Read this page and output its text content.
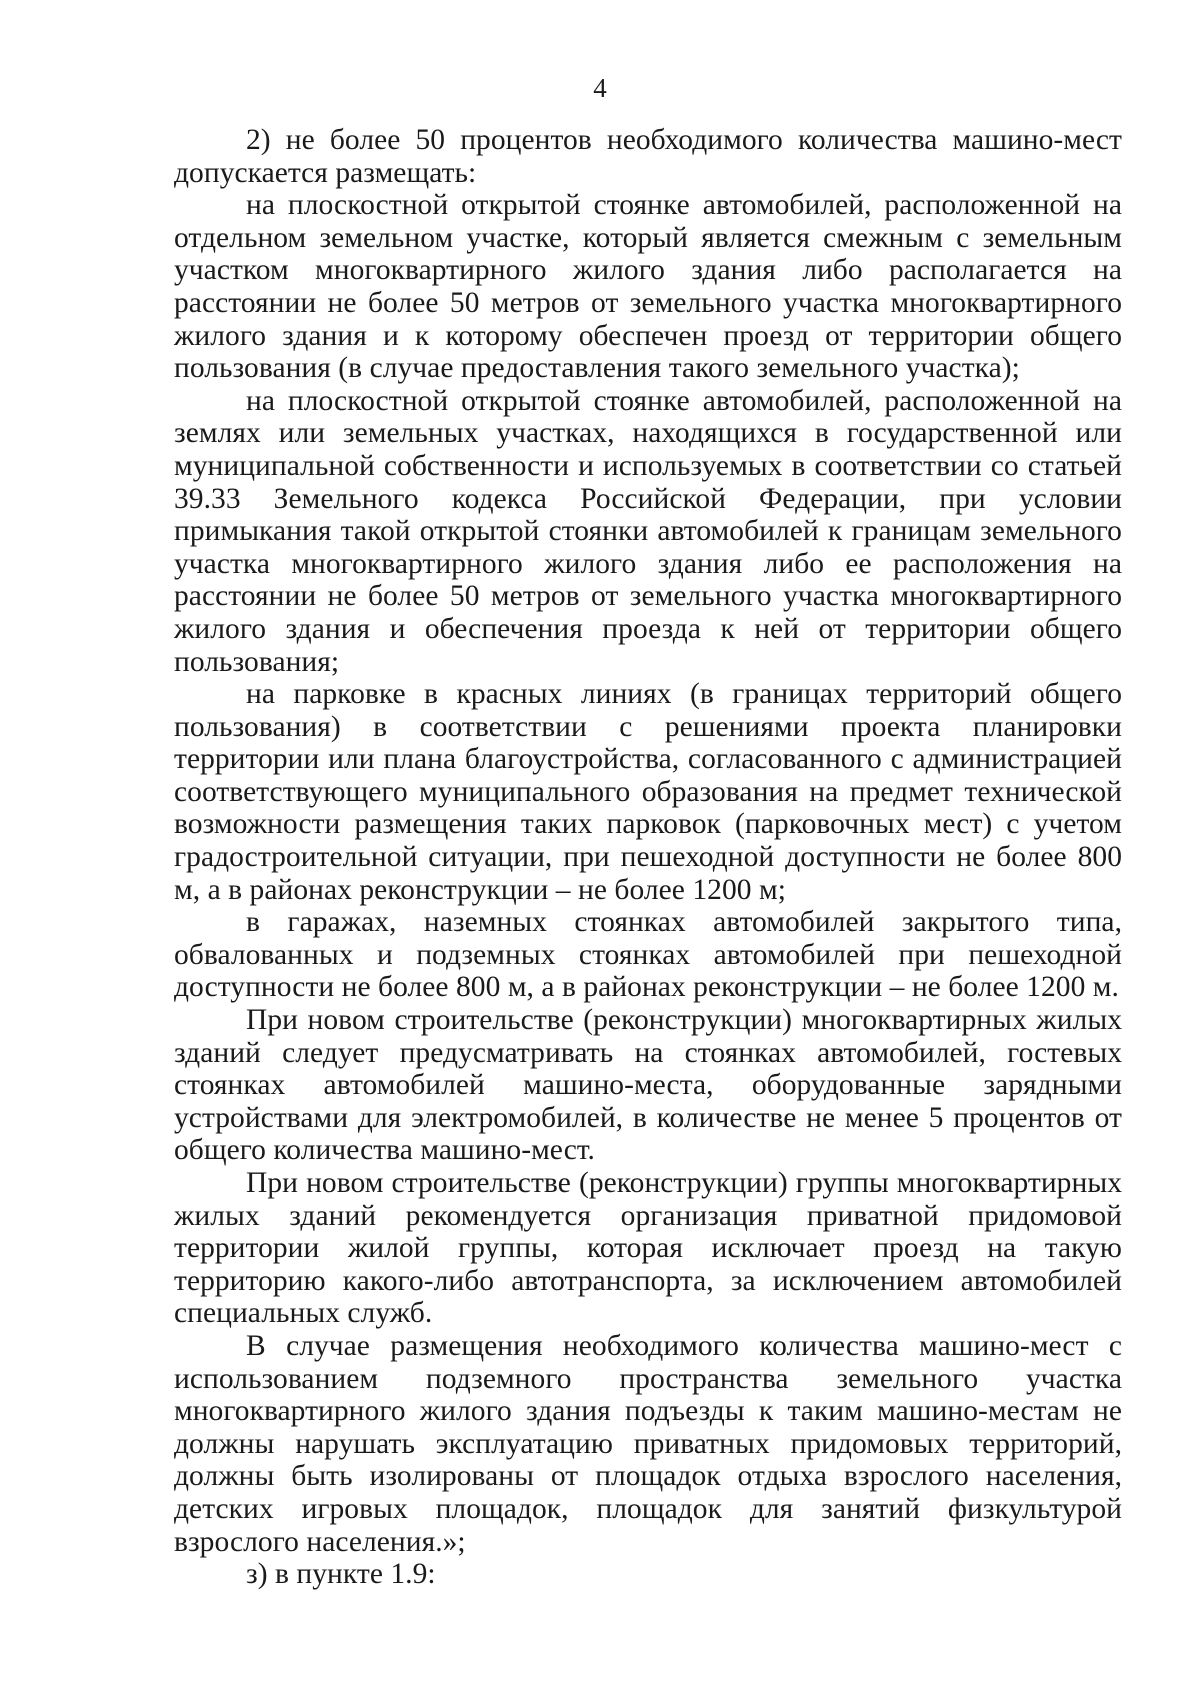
4

2) не более 50 процентов необходимого количества машино-мест допускается размещать:

на плоскостной открытой стоянке автомобилей, расположенной на отдельном земельном участке, который является смежным с земельным участком многоквартирного жилого здания либо располагается на расстоянии не более 50 метров от земельного участка многоквартирного жилого здания и к которому обеспечен проезд от территории общего пользования (в случае предоставления такого земельного участка);

на плоскостной открытой стоянке автомобилей, расположенной на землях или земельных участках, находящихся в государственной или муниципальной собственности и используемых в соответствии со статьей 39.33 Земельного кодекса Российской Федерации, при условии примыкания такой открытой стоянки автомобилей к границам земельного участка многоквартирного жилого здания либо ее расположения на расстоянии не более 50 метров от земельного участка многоквартирного жилого здания и обеспечения проезда к ней от территории общего пользования;

на парковке в красных линиях (в границах территорий общего пользования) в соответствии с решениями проекта планировки территории или плана благоустройства, согласованного с администрацией соответствующего муниципального образования на предмет технической возможности размещения таких парковок (парковочных мест) с учетом градостроительной ситуации, при пешеходной доступности не более 800 м, а в районах реконструкции – не более 1200 м;

в гаражах, наземных стоянках автомобилей закрытого типа, обвалованных и подземных стоянках автомобилей при пешеходной доступности не более 800 м, а в районах реконструкции – не более 1200 м.

При новом строительстве (реконструкции) многоквартирных жилых зданий следует предусматривать на стоянках автомобилей, гостевых стоянках автомобилей машино-места, оборудованные зарядными устройствами для электромобилей, в количестве не менее 5 процентов от общего количества машино-мест.

При новом строительстве (реконструкции) группы многоквартирных жилых зданий рекомендуется организация приватной придомовой территории жилой группы, которая исключает проезд на такую территорию какого-либо автотранспорта, за исключением автомобилей специальных служб.

В случае размещения необходимого количества машино-мест с использованием подземного пространства земельного участка многоквартирного жилого здания подъезды к таким машино-местам не должны нарушать эксплуатацию приватных придомовых территорий, должны быть изолированы от площадок отдыха взрослого населения, детских игровых площадок, площадок для занятий физкультурой взрослого населения.»;

з) в пункте 1.9:
